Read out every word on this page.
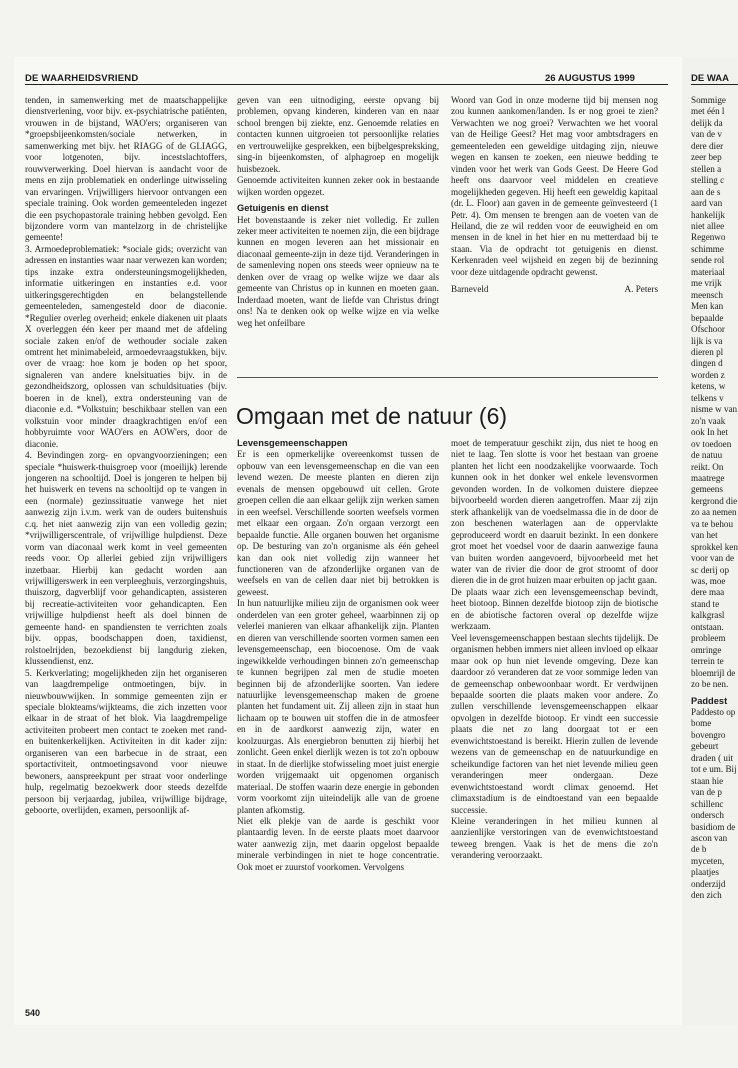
DE WAARHEIDSVRIEND	26 AUGUSTUS 1999	DE WAA

tenden, in samenwerking met de maatschappelijke dienstverlening, voor bijv. ex-psychiatrische patiënten, vrouwen in de bijstand, WAO'ers; organiseren van *groepsbijeenkomsten/sociale netwerken, in samenwerking met bijv. het RIAGG of de GLIAGG, voor lotgenoten, bijv. incestslachtoffers, rouwverwerking. Doel hiervan is aandacht voor de mens en zijn problematiek en onderlinge uitwisseling van ervaringen. Vrijwilligers hiervoor ontvangen een speciale training. Ook worden gemeenteleden ingezet die een psychopastorale training hebben gevolgd. Een bijzondere vorm van mantelzorg in de christelijke gemeente!

3. Armoedeproblematiek: *sociale gids; overzicht van adressen en instanties waar naar verwezen kan worden; tips inzake extra ondersteuningsmogelijkheden, informatie uitkeringen en instanties e.d. voor uitkeringsgerechtigden en belangstellende gemeenteleden, samengesteld door de diaconie. *Regulier overleg overheid; enkele diakenen uit plaats X overleggen één keer per maand met de afdeling sociale zaken en/of de wethouder sociale zaken omtrent het minimabeleid, armoedevraagstukken, bijv. over de vraag: hoe kom je boden op het spoor, signaleren van andere knelsituaties bijv. in de gezondheidszorg, oplossen van schuldsituaties (bijv. boeren in de knel), extra ondersteuning van de diaconie e.d. *Volkstuin; beschikbaar stellen van een volkstuin voor minder draagkrachtigen en/of een hobbyruimte voor WAO'ers en AOW'ers, door de diaconie.

4. Bevindingen zorg- en opvangvoorzieningen; een speciale *huiswerk-thuisgroep voor (moeilijk) lerende jongeren na schooltijd. Doel is jongeren te helpen bij het huiswerk en tevens na schooltijd op te vangen in een (normale) gezinssituatie vanwege het niet aanwezig zijn i.v.m. werk van de ouders buitenshuis c.q. het niet aanwezig zijn van een volledig gezin; *vrijwilligerscentrale, of vrijwillige hulpdienst. Deze vorm van diaconaal werk komt in veel gemeenten reeds voor. Op allerlei gebied zijn vrijwilligers inzetbaar. Hierbij kan gedacht worden aan vrijwilligerswerk in een verpleeghuis, verzorgingshuis, thuiszorg, dagverblijf voor gehandicapten, assisteren bij recreatie-activiteiten voor gehandicapten. Een vrijwillige hulpdienst heeft als doel binnen de gemeente hand- en spandiensten te verrichten zoals bijv. oppas, boodschappen doen, taxidienst, rolstoelrijden, bezoekdienst bij langdurig zieken, klussendienst, enz.

5. Kerkverlating; mogelijkheden zijn het organiseren van laagdrempelige ontmoetingen, bijv. in nieuwbouwwijken. In sommige gemeenten zijn er speciale blokteams/wijkteams, die zich inzetten voor elkaar in de straat of het blok. Via laagdrempelige activiteiten probeert men contact te zoeken met rand- en buitenkerkelijken. Activiteiten in dit kader zijn: organiseren van een barbecue in de straat, een sportactiviteit, ontmoetingsavond voor nieuwe bewoners, aanspreekpunt per straat voor onderlinge hulp, regelmatig bezoekwerk door steeds dezelfde persoon bij verjaardag, jubilea, vrijwillige bijdrage, geboorte, overlijden, examen, persoonlijk af-

geven van een uitnodiging, eerste opvang bij problemen, opvang kinderen, kinderen van en naar school brengen bij ziekte, enz. Genoemde relaties en contacten kunnen uitgroeien tot persoonlijke relaties en vertrouwelijke gesprekken, een bijbelgespreksking, sing-in bijeenkomsten, of alphagroep en mogelijk huisbezoek.

Genoemde activiteiten kunnen zeker ook in bestaande wijken worden opgezet.

Getuigenis en dienst

Het bovenstaande is zeker niet volledig. Er zullen zeker meer activiteiten te noemen zijn, die een bijdrage kunnen en mogen leveren aan het missionair en diaconaal gemeente-zijn in deze tijd. Veranderingen in de samenleving nopen ons steeds weer opnieuw na te denken over de vraag op welke wijze we daar als gemeente van Christus op in kunnen en moeten gaan. Inderdaad moeten, want de liefde van Christus dringt ons! Na te denken ook op welke wijze en via welke weg het onfeilbare

Woord van God in onze moderne tijd bij mensen nog zou kunnen aankomen/landen. Is er nog groei te zien? Verwachten we nog groei? Verwachten we het vooral van de Heilige Geest? Het mag voor ambtsdragers en gemeenteleden een geweldige uitdaging zijn, nieuwe wegen en kansen te zoeken, een nieuwe bedding te vinden voor het werk van Gods Geest. De Heere God heeft ons daarvoor veel middelen en creatieve mogelijkheden gegeven. Hij heeft een geweldig kapitaal (dr. L. Floor) aan gaven in de gemeente geïnvesteerd (1 Petr. 4). Om mensen te brengen aan de voeten van de Heiland, die ze wil redden voor de eeuwigheid en om mensen in de knel in het hier en nu metterdaad bij te staan. Via de opdracht tot getuigenis en dienst. Kerkenraden veel wijsheid en zegen bij de bezinning voor deze uitdagende opdracht gewenst.

Barneveld	A. Peters

Omgaan met de natuur (6)

Levensgemeenschappen

Er is een opmerkelijke overeenkomst tussen de opbouw van een levensgemeenschap en die van een levend wezen. De meeste planten en dieren zijn evenals de mensen opgebouwd uit cellen. Grote groepen cellen die aan elkaar gelijk zijn werken samen in een weefsel. Verschillende soorten weefsels vormen met elkaar een orgaan. Zo'n orgaan verzorgt een bepaalde functie. Alle organen bouwen het organisme op. De besturing van zo'n organisme als één geheel kan dan ook niet volledig zijn wanneer het functioneren van de afzonderlijke organen van de weefsels en van de cellen daar niet bij betrokken is geweest.

In hun natuurlijke milieu zijn de organismen ook weer onderdelen van een groter geheel, waarbinnen zij op velerlei manieren van elkaar afhankelijk zijn. Planten en dieren van verschillende soorten vormen samen een levensgemeenschap, een biocoenose. Om de vaak ingewikkelde verhoudingen binnen zo'n gemeenschap te kunnen begrijpen zal men de studie moeten beginnen bij de afzonderlijke soorten. Van iedere natuurlijke levensgemeenschap maken de groene planten het fundament uit. Zij alleen zijn in staat hun lichaam op te bouwen uit stoffen die in de atmosfeer en in de aardkorst aanwezig zijn, water en koolzuurgas. Als energiebron benutten zij hierbij het zonlicht. Geen enkel dierlijk wezen is tot zo'n opbouw in staat. In de dierlijke stofwisseling moet juist energie worden vrijgemaakt uit opgenomen organisch materiaal. De stoffen waarin deze energie in gebonden vorm voorkomt zijn uiteindelijk alle van de groene planten afkomstig.

Niet elk plekje van de aarde is geschikt voor plantaardig leven. In de eerste plaats moet daarvoor water aanwezig zijn, met daarin opgelost bepaalde minerale verbindingen in niet te hoge concentratie. Ook moet er zuurstof voorkomen. Vervolgens

moet de temperatuur geschikt zijn, dus niet te hoog en niet te laag. Ten slotte is voor het bestaan van groene planten het licht een noodzakelijke voorwaarde. Toch kunnen ook in het donker wel enkele levensvormen gevonden worden. In de volkomen duistere diepzee bijvoorbeeld worden dieren aangetroffen. Maar zij zijn sterk afhankelijk van de voedselmassa die in de door de zon beschenen waterlagen aan de oppervlakte geproduceerd wordt en daaruit bezinkt. In een donkere grot moet het voedsel voor de daarin aanwezige fauna van buiten worden aangevoerd, bijvoorbeeld met het water van de rivier die door de grot stroomt of door dieren die in de grot huizen maar erbuiten op jacht gaan.

De plaats waar zich een levensgemeenschap bevindt, heet biotoop. Binnen dezelfde biotoop zijn de biotische en de abiotische factoren overal op dezelfde wijze werkzaam.

Veel levensgemeenschappen bestaan slechts tijdelijk. De organismen hebben immers niet alleen invloed op elkaar maar ook op hun niet levende omgeving. Deze kan daardoor zó veranderen dat ze voor sommige leden van de gemeenschap onbewoonbaar wordt. Er verdwijnen bepaalde soorten die plaats maken voor andere. Zo zullen verschillende levensgemeenschappen elkaar opvolgen in dezelfde biotoop. Er vindt een successie plaats die net zo lang doorgaat tot er een evenwichtstoestand is bereikt. Hierin zullen de levende wezens van de gemeenschap en de natuurkundige en scheikundige factoren van het niet levende milieu geen veranderingen meer ondergaan. Deze evenwichtstoestand wordt climax genoemd. Het climaxstadium is de eindtoestand van een bepaalde successie.

Kleine veranderingen in het milieu kunnen al aanzienlijke verstoringen van de evenwichtstoestand teweeg brengen. Vaak is het de mens die zo'n verandering veroorzaakt.

Sommige met één l delijk da van de v dere dier zeer bep stellen a stelling c aan de s aard van hankelijk niet allee Regenwo schimme sende rol materiaal me vrijk meensch Men kan bepaalde Ofschoor lijk is va dieren pl dingen d worden z ketens, w telkens v nisme w van zo'n vaak ook In het ov toedoen de natuu reikt. On maatrege gemeens kergrond die zo aa nemen va te behou van het sprokkel ken voor van de sc derij op was, moe dere maa stand te kalkgrasl ontstaan. probleem omringe terrein te bloemrijl de zo be nen.

Paddest

Paddesto op bome bovengro gebeurt draden ( uit tot e um. Bij staan hie van de p schillenc ondersch basidiom de ascon van de b myceten, plaatjes onderzijd den zich

540
